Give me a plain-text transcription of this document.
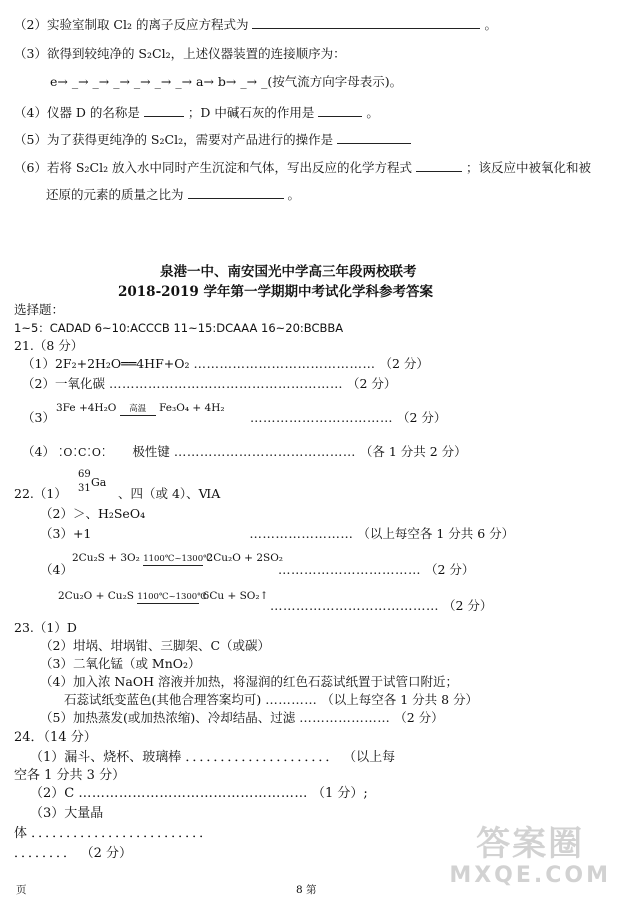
（2）实验室制取 Cl₂ 的离子反应方程式为	。
（3）欲得到较纯净的 S₂Cl₂，上述仪器装置的连接顺序为：
e→ _→ _→ _→ _→ _→ _→ a→ b→ _→ _(按气流方向字母表示)。
（4）仪器 D 的名称是	；D 中碱石灰的作用是	。
（5）为了获得更纯净的 S₂Cl₂，需要对产品进行的操作是
（6）若将 S₂Cl₂ 放入水中同时产生沉淀和气体，写出反应的化学方程式	；该反应中被氧化和被
还原的元素的质量之比为	。
泉港一中、南安国光中学高三年段两校联考
2018-2019 学年第一学期期中考试化学科参考答案
选择题：
1~5：CADAD 6~10:ACCCB 11~15:DCAAA 16~20:BCBBA
21.（8 分）
（1）2F₂+2H₂O══4HF+O₂ …………………………………… （2 分）
（2）一氧化碳 ……………………………………………… （2 分）
（3）
3Fe +4H₂O	高温	Fe₃O₄ + 4H₂
…………………………… （2 分）
（4） ⁚O⁚C⁚O⁚ 极性键 …………………………………… （各 1 分共 2 分）
22.（1）
69
31 Ga
、四（或 4）、ⅥA
（2）＞、H₂SeO₄
（3）+1	…………………… （以上每空各 1 分共 6 分）
（4）
2Cu₂S + 3O₂ 1100℃~1300℃
2Cu₂O + 2SO₂
…………………………… （2 分）
2Cu₂O + Cu₂S 1100℃~1300℃
6Cu + SO₂↑
………………………………… （2 分）
23.（1）D
（2）坩埚、坩埚钳、三脚架、C（或碳）
（3）二氧化锰（或 MnO₂）
（4）加入浓 NaOH 溶液并加热，将湿润的红色石蕊试纸置于试管口附近；
石蕊试纸变蓝色(其他合理答案均可) ………… （以上每空各 1 分共 8 分）
（5）加热蒸发(或加热浓缩)、冷却结晶、过滤 ………………… （2 分）
24．（14 分）
（1）漏斗、烧杯、玻璃棒 ．．．．．．．．．．．．．．．．．．．．． （以上每
空各 1 分共 3 分）
（2）C …………………………………………… （1 分）;
（3）大量晶
体 ．．．．．．．．．．．．．．．．．．．．．．．．．
．．．．．．．． （2 分）
页	8 第
答案圈
MXQE.COM
